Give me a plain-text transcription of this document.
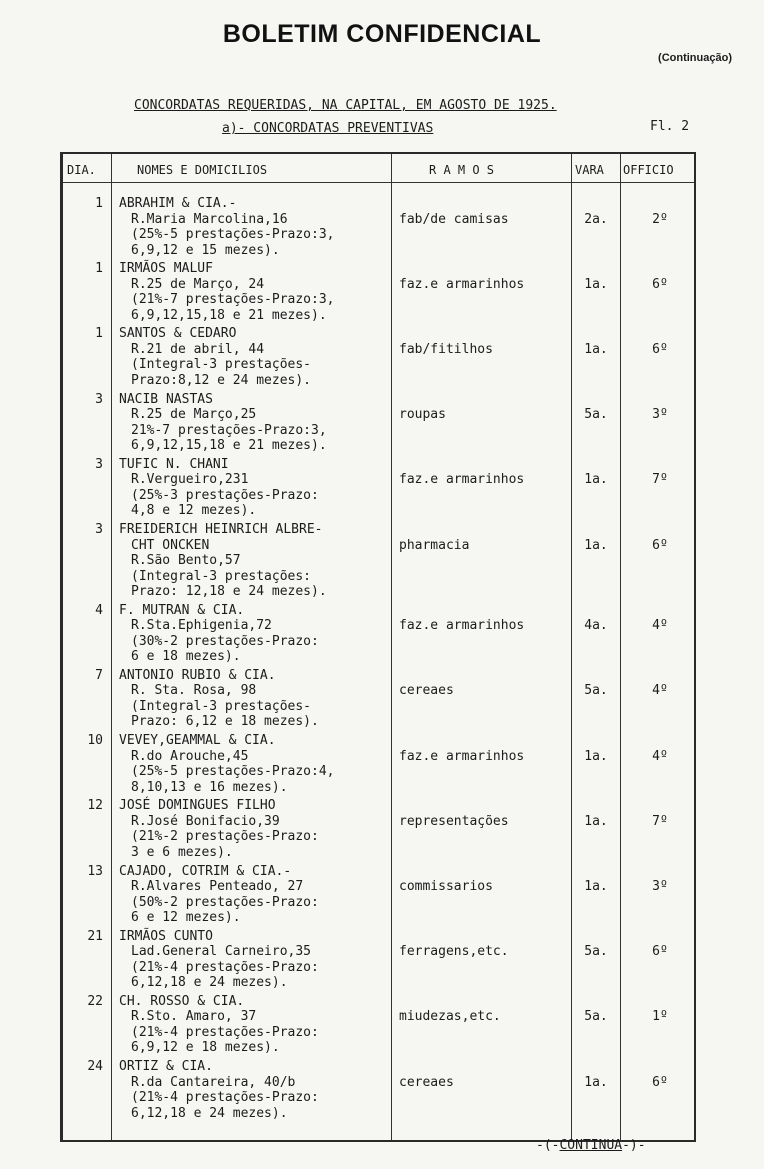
BOLETIM CONFIDENCIAL
(Continuação)
CONCORDATAS REQUERIDAS, NA CAPITAL, EM AGOSTO DE 1925.
a)- CONCORDATAS PREVENTIVAS	Fl. 2
DIA.	NOMES E DOMICILIOS	R A M O S	VARA OFFICIO
1 ABRAHIM & CIA.-
R.Maria Marcolina,16
(25%-5 prestações-Prazo:3,
6,9,12 e 15 mezes).
fab/de camisas	2a.	2º
1 IRMÃOS MALUF
R.25 de Março, 24
(21%-7 prestações-Prazo:3,
6,9,12,15,18 e 21 mezes).
faz.e armarinhos	1a.	6º
1 SANTOS & CEDARO
R.21 de abril, 44
(Integral-3 prestações-
Prazo:8,12 e 24 mezes).
fab/fitilhos	1a.	6º
3 NACIB NASTAS
R.25 de Março,25
21%-7 prestações-Prazo:3,
6,9,12,15,18 e 21 mezes).
roupas	5a.	3º
3 TUFIC N. CHANI
R.Vergueiro,231
(25%-3 prestações-Prazo:
4,8 e 12 mezes).
faz.e armarinhos	1a.	7º
3 FREIDERICH HEINRICH ALBRE-
CHT ONCKEN
R.São Bento,57
(Integral-3 prestações:
Prazo: 12,18 e 24 mezes).
pharmacia	1a.	6º
4 F. MUTRAN & CIA.
R.Sta.Ephigenia,72
(30%-2 prestações-Prazo:
6 e 18 mezes).
faz.e armarinhos	4a.	4º
7 ANTONIO RUBIO & CIA.
R. Sta. Rosa, 98
(Integral-3 prestações-
Prazo: 6,12 e 18 mezes).
cereaes	5a.	4º
10 VEVEY,GEAMMAL & CIA.
R.do Arouche,45
(25%-5 prestações-Prazo:4,
8,10,13 e 16 mezes).
faz.e armarinhos	1a.	4º
12 JOSÉ DOMINGUES FILHO
R.José Bonifacio,39
(21%-2 prestações-Prazo:
3 e 6 mezes).
representações	1a.	7º
13 CAJADO, COTRIM & CIA.-
R.Alvares Penteado, 27
(50%-2 prestações-Prazo:
6 e 12 mezes).
commissarios	1a.	3º
21 IRMÃOS CUNTO
Lad.General Carneiro,35
(21%-4 prestações-Prazo:
6,12,18 e 24 mezes).
ferragens,etc.	5a.	6º
22 CH. ROSSO & CIA.
R.Sto. Amaro, 37
(21%-4 prestações-Prazo:
6,9,12 e 18 mezes).
miudezas,etc.	5a.	1º
24 ORTIZ & CIA.
R.da Cantareira, 40/b
(21%-4 prestações-Prazo:
6,12,18 e 24 mezes).
cereaes	1a.	6º
-(-CONTINUA-)-
